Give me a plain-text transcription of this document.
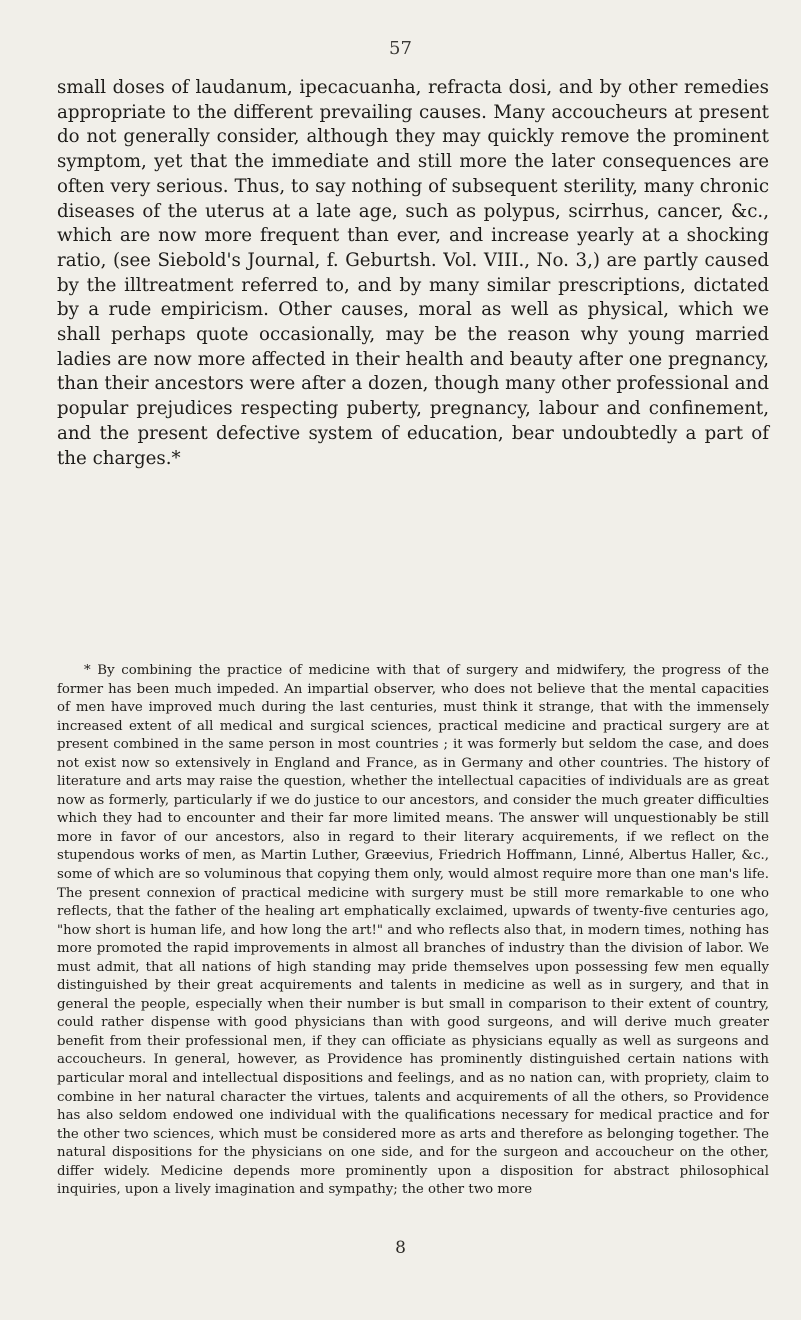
57

small doses of laudanum, ipecacuanha, refracta dosi, and by other remedies appropriate to the different prevailing causes. Many accoucheurs at present do not generally consider, although they may quickly remove the prominent symptom, yet that the immediate and still more the later consequences are often very serious. Thus, to say nothing of subsequent sterility, many chronic diseases of the uterus at a late age, such as polypus, scirrhus, cancer, &c., which are now more frequent than ever, and increase yearly at a shocking ratio, (see Siebold's Journal, f. Geburtsh. Vol. VIII., No. 3,) are partly caused by the illtreatment referred to, and by many similar prescriptions, dictated by a rude empiricism. Other causes, moral as well as physical, which we shall perhaps quote occasionally, may be the reason why young married ladies are now more affected in their health and beauty after one pregnancy, than their ancestors were after a dozen, though many other professional and popular prejudices respecting puberty, pregnancy, labour and confinement, and the present defective system of education, bear undoubtedly a part of the charges.*

* By combining the practice of medicine with that of surgery and midwifery, the progress of the former has been much impeded. An impartial observer, who does not believe that the mental capacities of men have improved much during the last centuries, must think it strange, that with the immensely increased extent of all medical and surgical sciences, practical medicine and practical surgery are at present combined in the same person in most countries ; it was formerly but seldom the case, and does not exist now so extensively in England and France, as in Germany and other countries. The history of literature and arts may raise the question, whether the intellectual capacities of individuals are as great now as formerly, particularly if we do justice to our ancestors, and consider the much greater difficulties which they had to encounter and their far more limited means. The answer will unquestionably be still more in favor of our ancestors, also in regard to their literary acquirements, if we reflect on the stupendous works of men, as Martin Luther, Græevius, Friedrich Hoffmann, Linné, Albertus Haller, &c., some of which are so voluminous that copying them only, would almost require more than one man's life. The present connexion of practical medicine with surgery must be still more remarkable to one who reflects, that the father of the healing art emphatically exclaimed, upwards of twenty-five centuries ago, "how short is human life, and how long the art!" and who reflects also that, in modern times, nothing has more promoted the rapid improvements in almost all branches of industry than the division of labor. We must admit, that all nations of high standing may pride themselves upon possessing few men equally distinguished by their great acquirements and talents in medicine as well as in surgery, and that in general the people, especially when their number is but small in comparison to their extent of country, could rather dispense with good physicians than with good surgeons, and will derive much greater benefit from their professional men, if they can officiate as physicians equally as well as surgeons and accoucheurs. In general, however, as Providence has prominently distinguished certain nations with particular moral and intellectual dispositions and feelings, and as no nation can, with propriety, claim to combine in her natural character the virtues, talents and acquirements of all the others, so Providence has also seldom endowed one individual with the qualifications necessary for medical practice and for the other two sciences, which must be considered more as arts and therefore as belonging together. The natural dispositions for the physicians on one side, and for the surgeon and accoucheur on the other, differ widely. Medicine depends more prominently upon a disposition for abstract philosophical inquiries, upon a lively imagination and sympathy; the other two more

8
